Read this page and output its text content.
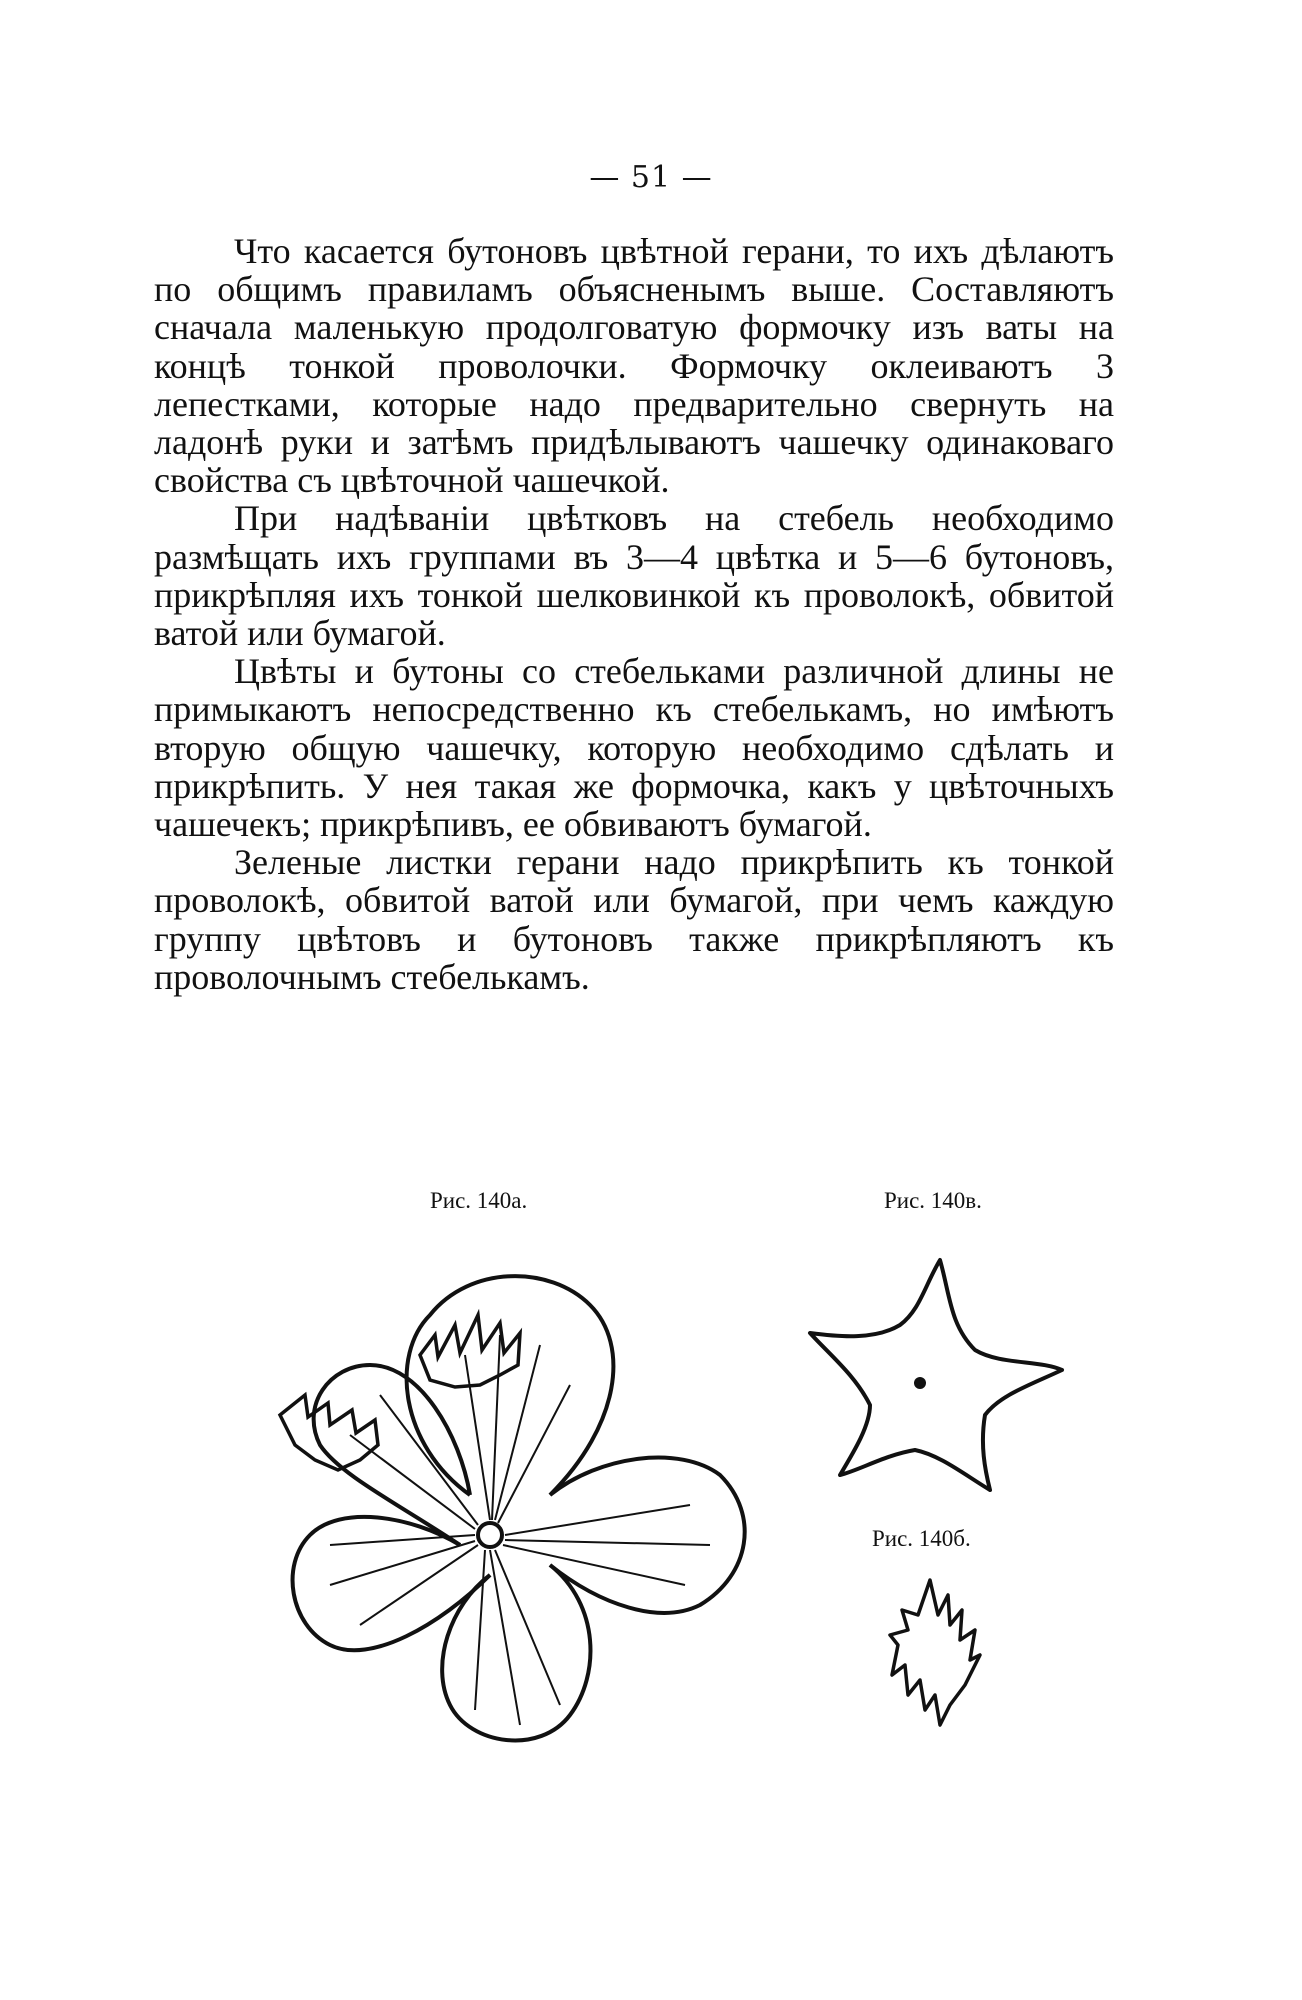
— 51 —

Что касается бутоновъ цвѣтной герани, то ихъ дѣлаютъ по общимъ правиламъ объясненымъ выше. Составляютъ сначала маленькую продолговатую формочку изъ ваты на концѣ тонкой проволочки. Формочку оклеиваютъ 3 лепестками, которые надо предварительно свернуть на ладонѣ руки и затѣмъ придѣлываютъ чашечку одинаковаго свойства съ цвѣточной чашечкой.

При надѣванiи цвѣтковъ на стебель необходимо размѣщать ихъ группами въ 3—4 цвѣтка и 5—6 бутоновъ, прикрѣпляя ихъ тонкой шелковинкой къ проволокѣ, обвитой ватой или бумагой.

Цвѣты и бутоны со стебельками различной длины не примыкаютъ непосредственно къ стебелькамъ, но имѣютъ вторую общую чашечку, которую необходимо сдѣлать и прикрѣпить. У нея такая же формочка, какъ у цвѣточныхъ чашечекъ; прикрѣпивъ, ее обвиваютъ бумагой.

Зеленые листки герани надо прикрѣпить къ тонкой проволокѣ, обвитой ватой или бумагой, при чемъ каждую группу цвѣтовъ и бутоновъ также прикрѣпляютъ къ проволочнымъ стебелькамъ.

Рис. 140а.	Рис. 140в.
Рис. 140б.
